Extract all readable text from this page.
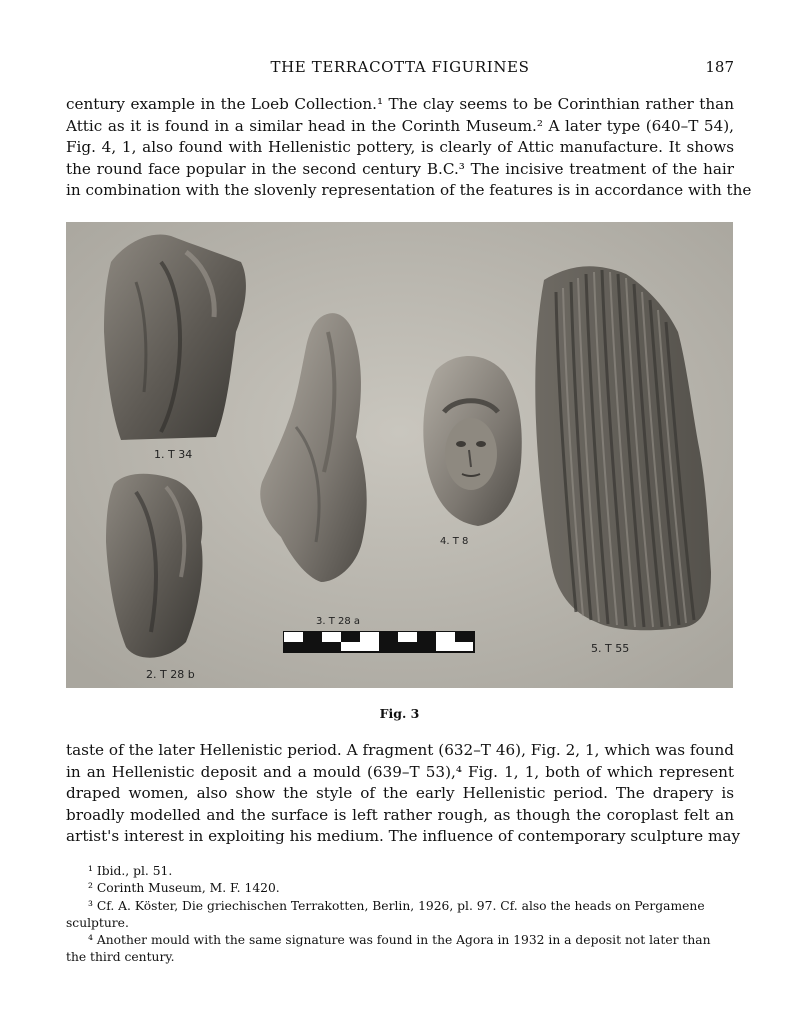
THE TERRACOTTA FIGURINES	187
century example in the Loeb Collection.¹ The clay seems to be Corinthian rather than
Attic as it is found in a similar head in the Corinth Museum.² A later type (640–T 54),
Fig. 4, 1, also found with Hellenistic pottery, is clearly of Attic manufacture. It shows
the round face popular in the second century B.C.³ The incisive treatment of the hair
in combination with the slovenly representation of the features is in accordance with the
1. T 34
2. T 28 b
3. T 28 a
4. T 8
5. T 55
Fig. 3
taste of the later Hellenistic period. A fragment (632–T 46), Fig. 2, 1, which was found
in an Hellenistic deposit and a mould (639–T 53),⁴ Fig. 1, 1, both of which represent
draped women, also show the style of the early Hellenistic period. The drapery is
broadly modelled and the surface is left rather rough, as though the coroplast felt an
artist's interest in exploiting his medium. The influence of contemporary sculpture may
¹ Ibid., pl. 51.
² Corinth Museum, M. F. 1420.
³ Cf. A. Köster, Die griechischen Terrakotten, Berlin, 1926, pl. 97. Cf. also the heads on Pergamene
sculpture.
⁴ Another mould with the same signature was found in the Agora in 1932 in a deposit not later than
the third century.
